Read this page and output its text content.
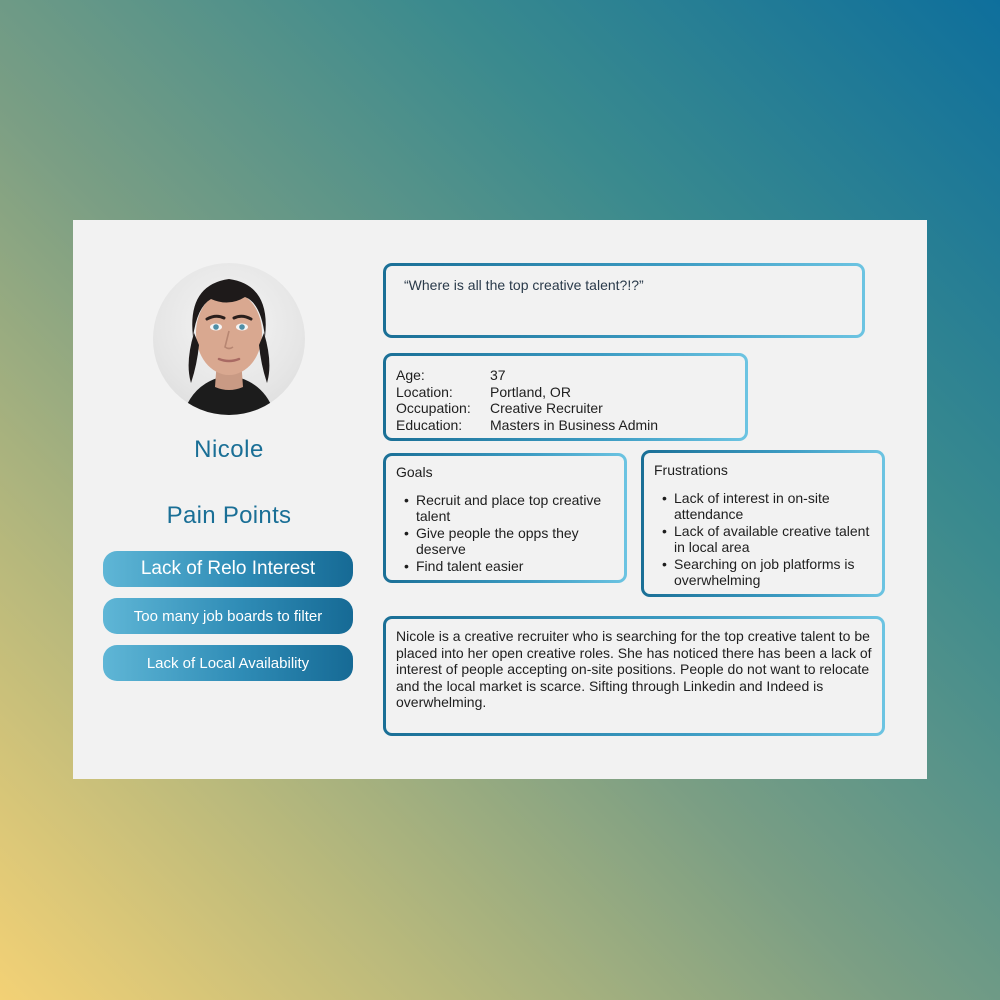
Nicole
Pain Points
Lack of Relo Interest
Too many job boards to filter
Lack of Local Availability
“Where is all the top creative talent?!?”
Age:	37
Location:	Portland, OR
Occupation:	Creative Recruiter
Education:	Masters in Business Admin
Goals
• Recruit and place top creative talent
• Give people the opps they deserve
• Find talent easier
Frustrations
• Lack of interest in on-site attendance
• Lack of available creative talent in local area
• Searching on job platforms is overwhelming

Nicole is a creative recruiter who is searching for the top creative talent to be placed into her open creative roles. She has noticed there has been a lack of interest of people accepting on-site positions. People do not want to relocate and the local market is scarce. Sifting through Linkedin and Indeed is overwhelming.
